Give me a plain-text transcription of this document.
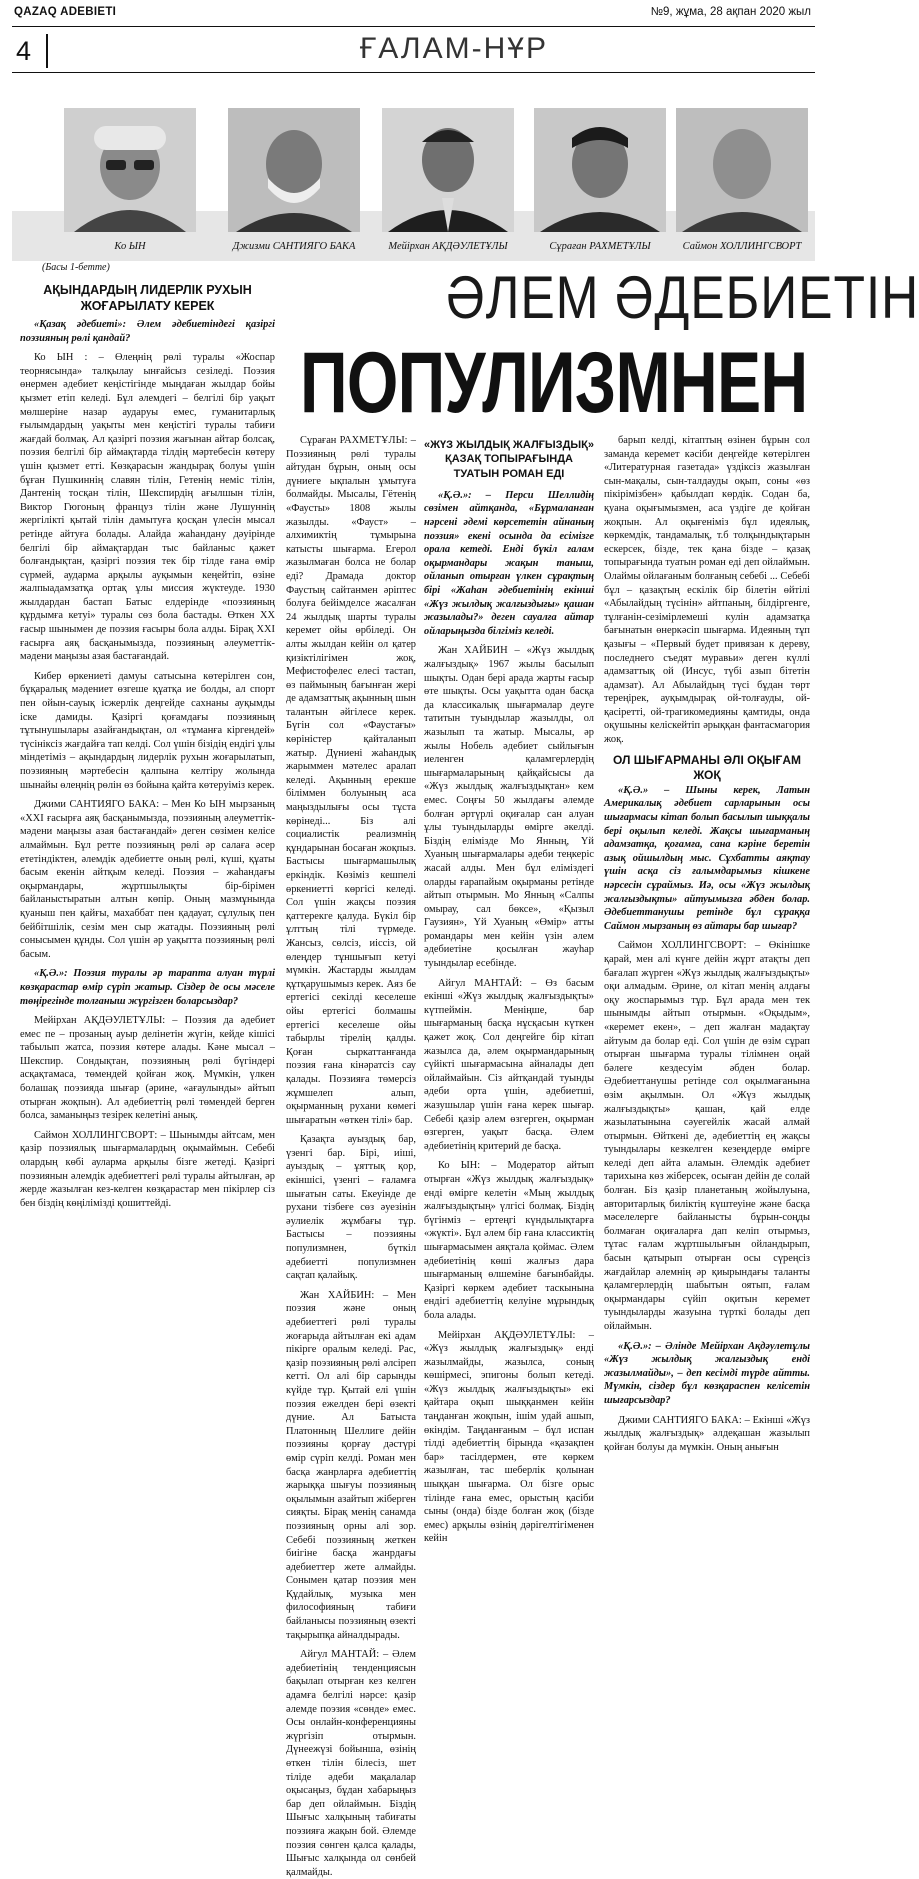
QAZAQ ADEBIETI	№9, жұма, 28 ақпан 2020 жыл
4	ҒАЛАМ-НҰР
Ко ЫН	Джизми САНТИЯГО БАКА	Мейірхан АҚДӘУЛЕТҰЛЫ	Сұраған РАХМЕТҰЛЫ	Саймон ХОЛЛИНГСВОРТ
ӘЛЕМ ӘДЕБИЕТІН
ПОПУЛИЗМНЕН
(Басы 1-бетте)
АҚЫНДАРДЫҢ ЛИДЕРЛІК РУХЫН ЖОҒАРЫЛАТУ КЕРЕК

«Қазақ әдебиеті»: Әлем әдебиетіндегі қазіргі поэзияның рөлі қандай?

Ко ЫН : – Өлеңнің рөлі туралы «Жоспар теорнясында» талқылау ынғайсыз сезіледі. Поэзия өнермен әдебиет кеңістігінде мыңдаған жылдар бойы қызмет етіп келеді. Бұл әлемдегі – белгілі бір уақыт мөлшеріне назар аударуы емес, гуманитарлық ғылымдардың уақыты мен кеңістігі туралы табиғи жағдай болмақ. Ал қазіргі поэзия жағынан айтар болсақ, поэзия белгілі бір аймақтарда тілдің мәртебесін көтеру үшін қызмет етті. Көзқарасын жандырақ болуы үшін бұған Пушкиннің славян тілін, Гетенің неміс тілін, Дантенің тосқан тілін, Шекспирдің ағылшын тілін, Виктор Гюгоның француз тілін және Лушуннің жергілікті қытай тілін дамытуға қосқан үлесін мысал ретінде айтуға болады. Алайда жаһандану дәуірінде белгілі бір аймақтардан тыс байланыс қажет болғандықтан, қазіргі поэзия тек бір тілде ғана өмір сүрмей, аударма арқылы ауқымын кеңейтіп, өзіне жалпыадамзатқа ортақ ұлы миссия жүктеуде. 1930 жылдардан бастап Батыс елдерінде «поэзияның құрдымға кетуі» туралы сөз бола бастады. Өткен XX ғасыр шынымен де поэзия ғасыры бола алды. Бірақ XXI ғасырға аяқ басқанымызда, поэзияның әлеуметтік-мәдени маңызы азая бастағандай.

Кибер өркениеті дамуы сатысына көтерілген сон, бұқаралық мәдениет өзгеше құатқа ие болды, ал спорт пен ойын-сауық ісжерлік деңгейде сахнаны ауқымды іске дамиды. Қазіргі қоғамдағы поэзияның тұтынушылары азайғандықтан, ол «тұманға кіргендей» түсініксіз жағдайға тап келді. Сол үшін бізідің ендігі ұлы міндетіміз – ақындардың лидерлік рухын жоғарылатып, поэзияның мәртебесін қалпына келтіру жолында шынайы өлеңнің рөлін өз бойына қайта көтеруіміз керек.

Джими САНТИЯГО БАКА: – Мен Ко ЫН мырзаның «XXI ғасырға аяқ басқанымызда, поэзияның әлеуметтік-мәдени маңызы азая бастағандай» деген сөзімен келісе алмаймын. Бұл ретте поэзияның рөлі әр салаға әсер ететіндіктен, әлемдік әдебиетте оның рөлі, күші, құаты басым екенін айтқым келеді. Поэзия – жаһандағы оқырмандары, жұртшылықты бір-бірімен байланыстыратын алтын көпір. Оның мазмұнында қуаныш пен қайғы, махаббат пен қадауат, сұлулық пен бейбітшілік, сезім мен сыр жатады. Поэзияның рөлі сонысымен құнды. Сол үшін әр уақытта поэзияның рөлі басым.

«Қ.Ә.»: Поэзия туралы әр тарапта алуан түрлі көзқарастар өмір сүріп жатыр. Сіздер де осы мәселе төңірегінде толғаныш жүргізген боларсыздар?

Мейірхан АҚДӘУЛЕТҰЛЫ: – Поэзия да әдебиет емес пе – прозаның ауыр делінетін жүгін, кейде кішісі табылып жатса, поэзия көтере алады. Кәне мысал – Шекспир. Сондықтан, поэзияның рөлі бүгіндері асқақтамаса, төмендей қойған жоқ. Мүмкін, үлкен болашақ поэзияда шығар (әрине, «ағаулынды» айтып отырған жоқпын). Ал әдебиеттің рөлі төмендей берген болса, заманыңыз тезірек келетіні анық.

Саймон ХОЛЛИНГСВОРТ: – Шынымды айтсам, мен қазір поэзиялық шығармалардың оқымаймын. Себебі олардың көбі ауларма арқылы бізге жетеді. Қазіргі поэзиянын әлемдік әдебиеттегі рөлі туралы айтылған, әр жерде жазылған кез-келген көзқарастар мен пікірлер сіз бен біздің көңілімізді қошиттейді.

Сұраған РАХМЕТҰЛЫ: – Поэзияның рөлі туралы айтудан бұрын, оның осы дүниеге ықпалын ұмытуға болмайды. Мысалы, Гётенің «Фаусты» 1808 жылы жазылды. «Фауст» – алхимиктің тұмырына катысты шығарма. Егерол жазылмаған болса не болар еді? Драмада доктор Фаустың сайтанмен әріптес болуға бейімделсе жасалған 24 жылдық шарты туралы керемет ойы өрбіледі. Он алты жылдан кейін ол қатер қизіктілігімен жоқ, Мефистофелес елесі тастап, өз паймының бағынған жері де адамзаттық ақынның шын талантын әйгілесе керек. Бүгін сол «Фаустағы» көріністер қайталанып жатыр. Дүниені жаһандық жарыммен мәтелес аралап келеді. Ақынның ерекше біліммен болуының аса маңыздылығы осы тұста көрінеді... Біз алі социалистік реализмнің құндарынан босаған жоқпыз. Бастысы шығармашылық еркіндік. Көзіміз кешпелі өркениетті көргісі келеді. Сол үшін жақсы поэзия қаттерекге қалуда. Бүкіл бір ұлттың тілі түрмеде. Жансыз, сөлсіз, иіссіз, ой өлеңдер тұншығып кетуі мүмкін. Жастарды жылдам құтқарушымыз керек. Аяз бе ертегісі секілді кеселеше ойы ертегісі болмашы ертегісі кеселеше ойы табырлы тірелің қалды. Қоған сыркаттанғанда поэзия ғана кінәратсіз сау қалады. Поэзияға төмерсіз жұмшелеп алып, оқырманның рухани көмегі шығаратын «өткен тілі» бар.

Қазақта ауыздық бар, үзенгі бар. Бірі, иіші, ауыздық – ұяттық қор, екіншісі, үзенгі – ғаламға шығатын саты. Екеуінде де рухани тізбеғе сөз әуезінін әулиелік жұмбағы тұр. Бастысы – поэзияны популизмнен, бүткіл әдебиетті популизмнен сақтап қалайық.

Жан ХАЙБИН: – Мен поэзия және оның әдебиеттегі рөлі туралы жоғарыда айтылған екі адам пікірге оралым келеді. Рас, қазір поэзияның рөлі әлсіреп кетті. Ол алі бір сарынды күйде тұр. Қытай елі үшін поэзия ежелден берi өзекті дүние. Ал Батыста Платонның Шеллиге дейін поэзияны қорғау дәстүрі өмір сүріп келді. Роман мен басқа жанрларға әдебиеттің жарыққа шығуы поэзияның оқылымын азайтып жіберген сияқты. Бірақ менің санамда поэзияның орны алі зор. Себебі поэзияның жеткен биігіне басқа жанрдағы әдебиеттер жете алмайды. Сонымен қатар поэзия мен Құдайлық, музыка мен философияның табиғи байланысы поэзияның өзекті тақырыпқа айналдырады.

Айгул МАНТАЙ: – Әлем әдебиетінің тенденциясын бақылап отырған кез келген адамға белгілі нәрсе: қазір әлемде поэзия «сөнде» емес. Осы онлайн-конференцияны жүргізіп отырмын. Дүнеежүзі бойынша, өзінің өткен тілін білесіз, шет тіліде әдеби мақалалар оқысаңыз, бұдан хабарыңыз бар деп ойлаймын. Біздің Шығыс халқының табиғаты поэзияға жақын бой. Әлемде поэзия сөнген қалса қалады, Шығыс халқында ол сөнбей қалмайды.

«ЖҮЗ ЖЫЛДЫҚ ЖАЛҒЫЗДЫҚ» ҚАЗАҚ ТОПЫРАҒЫНДА ТУАТЫН РОМАН ЕДІ

«Қ.Ә.»: – Перси Шеллидің сөзімен айтқанда, «Бұрмаланған нәрсені әдемі көрсететін айнаның поэзия» екені осында да есімізге орала кетеді. Енді бүкіл ғалам оқырмандары жақын таныш, ойланып отырған үлкен сұрақтың бірі «Жаһан әдебиетінің екінші «Жүз жылдық жалғыздығы» қашан жазылады?» деген сауалға айтар ойларыңызда білгіміз келеді.

Жан ХАЙБИН – «Жүз жылдық жалғыздық» 1967 жылы басылып шықты. Одан бері арада жарты ғасыр өте шықты. Осы уақытта одан басқа да классикалық шығармалар деуге татитын туындылар жазылды, ол жазылып та жатыр. Мысалы, әр жылы Нобель әдебиет сыйлығын иеленген қаламгерлердің шығармаларының қайқайсысы да «Жүз жылдық жалғыздықтан» кем емес. Соңғы 50 жылдағы әлемде болған әртүрлі оқиғалар сан алуан ұлы туындыларды өмірге әкелді. Біздің елімізде Мо Янның, Үй Хуаның шығармалары әдеби теңкеріс жасай алды. Мен бұл еліміздегі оларды ғарапайым оқырманы ретінде айтып отырмын. Мо Янның «Салпы омырау, сал бөксе», «Қызыл Гаузиян», Үй Хуаның «Өмір» атты романдары мен кейін үзін әлем әдебиетіне қосылған жауһар туындылар есебінде.

Айгул МАНТАЙ: – Өз басым екінші «Жүз жылдық жалғыздықты» күтпеймін. Меніңше, бар шығарманың басқа нұсқасын күткен қажет жоқ. Сол деңгейге бір кітап жазылса да, әлем оқырмандарының сүйікті шығармасына айналады деп ойлаймайын. Сіз айтқандай туынды әдеби орта үшін, әдебиетші, жазушылар үшін ғана керек шығар. Себебі қазір әлем өзгерген, оқырман өзгерген, уақыт басқа. Әлем әдебиетінің критерий де басқа.

Ко ЫН: – Модератор айтып отырған «Жүз жылдық жалғыздық» енді өмірге келетін «Мың жылдық жалғыздықтың» үлгісі болмақ. Біздің бүгінміз – ертеңгі күндылықтарға «жүкті». Бұл әлем бір ғана классиктің шығармасымен аяқтала қоймас. Әлем әдебиетінің көші жалғыз дара шығарманың өлшеміне бағынбайды. Қазіргі көркем әдебиет таскынына ендігі әдебиеттің келуіне мұрындық бола алады.

Мейірхан АҚДӘУЛЕТҰЛЫ: – «Жүз жылдық жалғыздық» енді жазылмайды, жазылса, соның көшірмесі, эпигоны болып кетеді. «Жүз жылдық жалғыздықты» екі қайтара оқып шыққанмен кейін таңданған жоқпын, ішім удай ашып, өкіндім. Таңданғаным – бұл испан тілді әдебиеттің бірында «қазақпен бар» тасілдермен, өте көркем жазылған, тас шеберлік қолынан шыққан шығарма. Ол бізге орыс тілінде ғана емес, орыстың қасіби сыны (онда) бізде болған жоқ (бізде емес) арқылы өзінің дәрігелтігіменен кейін

барып келді, кітаптың өзінен бұрын сол заманда керемет кәсіби деңгейде көтерілген «Литературная газетада» үздіксіз жазылған сын-мақалы, сын-талдауды оқып, соны «өз пікірімізбен» қабылдап көрдік. Содан ба, қуана оқығымызмен, аса үздіге де қойған жоқпын. Ал оқығеніміз бұл идеялық, көркемдік, тандамалық, т.б толқындықтарын ескерсек, бізде, тек қана бізде – қазақ топырағында туатын роман еді деп ойлаймын. Олаймы ойлағаным болғаның себебі ... Себебі бұл – қазақтың ескілік бір білетін өйтілі «Абылайдың түсінін» айтпаның, білдіргенге, тұлғанін-сезімірлемеші кулін адамзатқа бағынатын өнеркәсіп шығарма. Идеяның тұп қазығы – «Первый будет привязан к дереву, последнего съедят муравьи» деген күллі адамзаттық ой (Инсус, түбі азып бітетін адамзат). Ал Абылайдың түсі бұдан төрт тереңірек, ауқымдырақ ой-толғауды, ой-қасіреттi, ой-трагикомедияны қамтиды, онда оқушыны келіскейтіп әрыққан фантасмагория жоқ.

ОЛ ШЫҒАРМАНЫ ӘЛІ ОҚЫҒАМ ЖОҚ

«Қ.Ә.» – Шыны керек, Латын Америкалық әдебиет сарларынын осы шығармасы кітап болып басылып шыққалы бері оқылып келеді. Жақсы шығарманың адамзатқа, қоғамға, сана кәріне беретін азық ойшылдың мыс. Сұхбатты аяқтау үшін асқа сіз ғалымдарымыз кішкене нәрсесін сұраймыз. Иә, осы «Жүз жылдық жалғыздықты» айтуымызға әбден болар. Әдебиеттанушы ретінде бұл сұраққа Саймон мырзаның өз айтары бар шығар?

Саймон ХОЛЛИНГСВОРТ: – Өкінішке қарай, мен алі күнге дейін жұрт атақты деп бағалап жүрген «Жүз жылдық жалғыздықты» оқи алмадым. Әрине, ол кітап менің алдағы оқу жоспарымыз тұр. Бұл арада мен тек шынымды айтып отырмын. «Оқыдым», «керемет екен», – деп жалған мадақтау айтуым да болар еді. Сол үшін де өзім сұрап отырған шығарма туралы тілімнен оңай бәлеге кездесуім әбден болар. Әдебиеттанушы ретінде сол оқылмағанына өзім ақылмын. Ол «Жүз жылдық жалғыздықты» қашан, қай елде жазылатынына сәуегейлік жасай алмай отырмын. Өйткені де, әдебиеттің ең жақсы туындылары кезкелген кезеңдерде өмірге келеді деп айта аламын. Әлемдік әдебиет тарихына көз жіберсек, осыған дейін де солай болған. Біз қазір планетаның жойылуына, авторитарлық биліктің күштеуіне және басқа мәселелерге байланысты бұрын-соңды болмаған оқиғаларға дап келіп отырмыз, тұтас ғалам жұртшылығын ойландырып, басын қатырып отырған осы сүреңсіз жағдайлар әлемнің әр қиырындағы таланты қаламгерлердің шабытын оятып, ғалам оқырмандары сүйіп оқитын керемет туындыларды жазуына түрткі болады деп ойлаймын.

«Қ.Ә.»: – Әлінде Мейірхан Ақдәулетұлы «Жүз жылдық жалғыздық енді жазылмайды», – деп кесімді түрде айтты. Мүмкін, сіздер бұл көзқараспен келісетін шығарсыздар?

Джими САНТИЯГО БАКА: – Екінші «Жүз жылдық жалғыздық» әлдеқашан жазылып қойған болуы да мүмкін. Оның анығын
